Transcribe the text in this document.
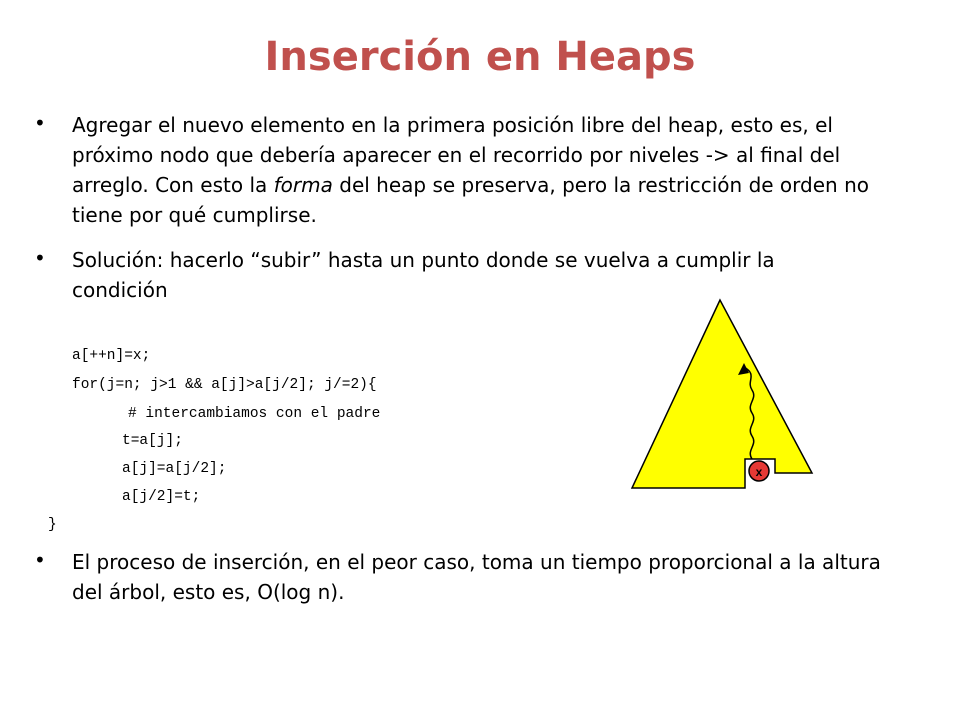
Inserción en Heaps
• Agregar el nuevo elemento en la primera posición libre del heap, esto es, el próximo nodo que debería aparecer en el recorrido por niveles -> al final del arreglo. Con esto la forma del heap se preserva, pero la restricción de orden no tiene por qué cumplirse.
• Solución: hacerlo “subir” hasta un punto donde se vuelva a cumplir la condición
a[++n]=x;
for(j=n; j>1 && a[j]>a[j/2]; j/=2){
# intercambiamos con el padre
t=a[j];
a[j]=a[j/2];
a[j/2]=t;
}
x
• El proceso de inserción, en el peor caso, toma un tiempo proporcional a la altura del árbol, esto es, O(log n).
